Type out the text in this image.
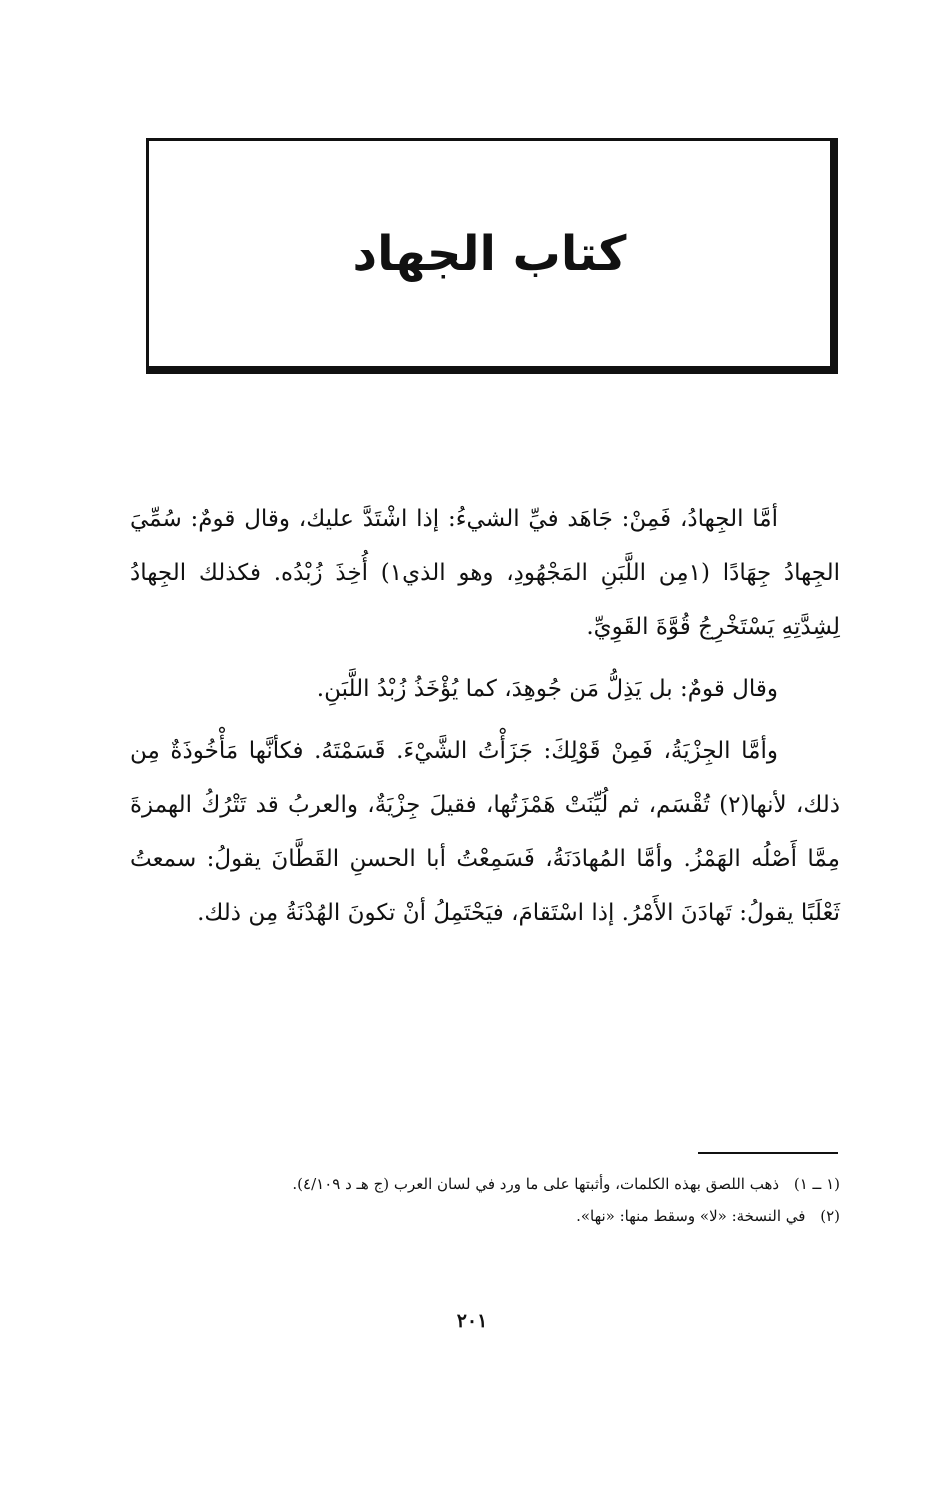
كتاب الجهاد

أمَّا الجِهادُ، فَمِنْ: جَاهَد فيِّ الشيءُ: إذا اشْتَدَّ عليك، وقال قومٌ: سُمِّيَ الجِهادُ جِهَادًا (١مِن اللَّبَنِ المَجْهُودِ، وهو الذي١) أُخِذَ زُبْدُه. فكذلك الجِهادُ لِشِدَّتِهِ يَسْتَخْرِجُ قُوَّةَ القَوِيِّ.

وقال قومٌ: بل يَذِلُّ مَن جُوهِدَ، كما يُؤْخَذُ زُبْدُ اللَّبَنِ.

وأمَّا الجِزْيَةُ، فَمِنْ قَوْلِكَ: جَزَأْتُ الشَّيْءَ. قَسَمْتَهُ. فكأنَّها مَأْخُوذَةٌ مِن ذلك، لأنها(٢) تُقْسَم، ثم لُيِّنَتْ هَمْزَتُها، فقيلَ جِزْيَةٌ، والعربُ قد تَتْرُكُ الهمزةَ مِمَّا أَصْلُه الهَمْزُ. وأمَّا المُهادَنَةُ، فَسَمِعْتُ أبا الحسنِ القَطَّانَ يقولُ: سمعتُ ثَعْلَبًا يقولُ: تَهادَنَ الأَمْرُ. إذا اسْتَقامَ، فيَحْتَمِلُ أنْ تكونَ الهُدْنَةُ مِن ذلك.

(١ ــ ١) ذهب اللصق بهذه الكلمات، وأثبتها على ما ورد في لسان العرب (ج هـ د ٤/١٠٩).

(٢) في النسخة: «لا» وسقط منها: «نها».

٢٠١
